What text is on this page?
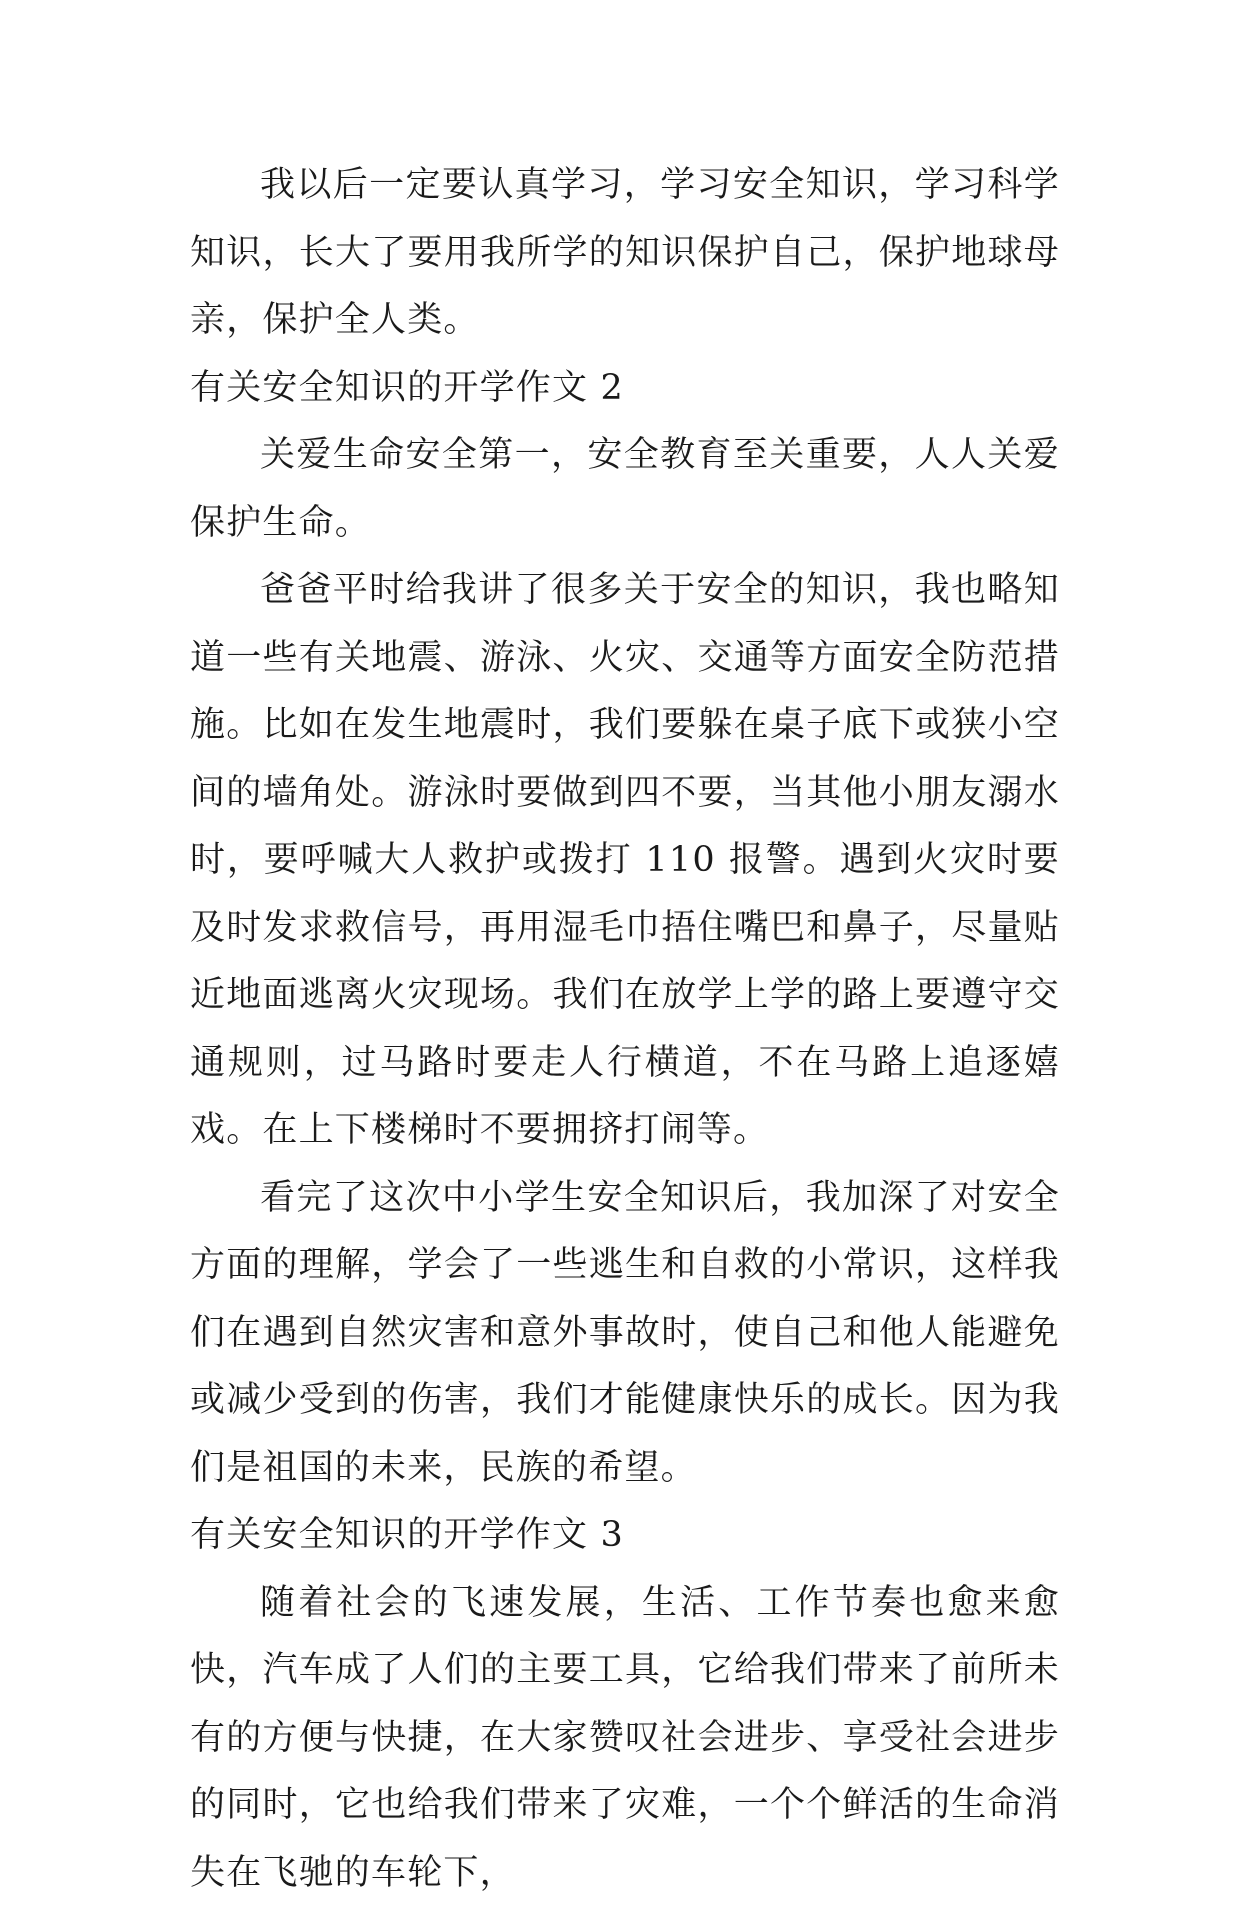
我以后一定要认真学习，学习安全知识，学习科学知识，长大了要用我所学的知识保护自己，保护地球母亲，保护全人类。

有关安全知识的开学作文 2

关爱生命安全第一，安全教育至关重要，人人关爱保护生命。

爸爸平时给我讲了很多关于安全的知识，我也略知道一些有关地震、游泳、火灾、交通等方面安全防范措施。比如在发生地震时，我们要躲在桌子底下或狭小空间的墙角处。游泳时要做到四不要，当其他小朋友溺水时，要呼喊大人救护或拨打 110 报警。遇到火灾时要及时发求救信号，再用湿毛巾捂住嘴巴和鼻子，尽量贴近地面逃离火灾现场。我们在放学上学的路上要遵守交通规则，过马路时要走人行横道，不在马路上追逐嬉戏。在上下楼梯时不要拥挤打闹等。

看完了这次中小学生安全知识后，我加深了对安全方面的理解，学会了一些逃生和自救的小常识，这样我们在遇到自然灾害和意外事故时，使自己和他人能避免或减少受到的伤害，我们才能健康快乐的成长。因为我们是祖国的未来，民族的希望。

有关安全知识的开学作文 3

随着社会的飞速发展，生活、工作节奏也愈来愈快，汽车成了人们的主要工具，它给我们带来了前所未有的方便与快捷，在大家赞叹社会进步、享受社会进步的同时，它也给我们带来了灾难，一个个鲜活的生命消失在飞驰的车轮下，
